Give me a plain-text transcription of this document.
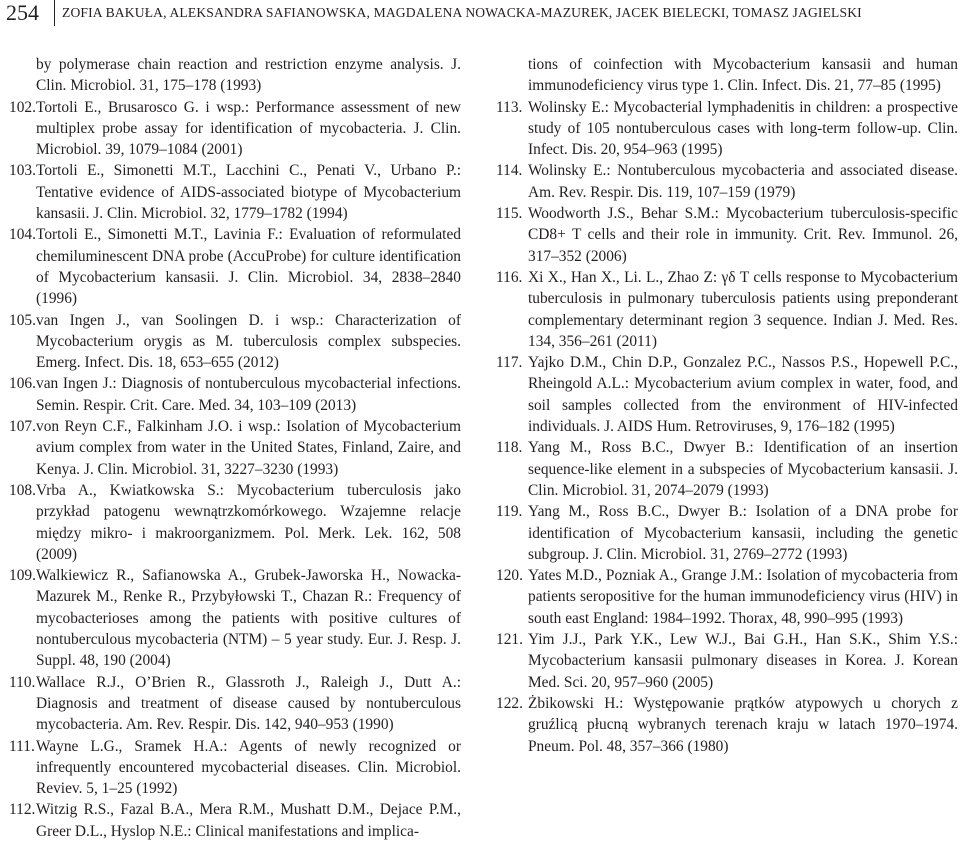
254 ZOFIA BAKUŁA, ALEKSANDRA SAFIANOWSKA, MAGDALENA NOWACKA-MAZUREK, JACEK BIELECKI, TOMASZ JAGIELSKI
by polymerase chain reaction and restriction enzyme analysis. J. Clin. Microbiol. 31, 175–178 (1993)
102. Tortoli E., Brusarosco G. i wsp.: Performance assessment of new multiplex probe assay for identification of mycobacteria. J. Clin. Microbiol. 39, 1079–1084 (2001)
103. Tortoli E., Simonetti M.T., Lacchini C., Penati V., Urbano P.: Tentative evidence of AIDS-associated biotype of Mycobacterium kansasii. J. Clin. Microbiol. 32, 1779–1782 (1994)
104. Tortoli E., Simonetti M.T., Lavinia F.: Evaluation of reformulated chemiluminescent DNA probe (AccuProbe) for culture identification of Mycobacterium kansasii. J. Clin. Microbiol. 34, 2838–2840 (1996)
105. van Ingen J., van Soolingen D. i wsp.: Characterization of Mycobacterium orygis as M. tuberculosis complex subspecies. Emerg. Infect. Dis. 18, 653–655 (2012)
106. van Ingen J.: Diagnosis of nontuberculous mycobacterial infections. Semin. Respir. Crit. Care. Med. 34, 103–109 (2013)
107. von Reyn C.F., Falkinham J.O. i wsp.: Isolation of Mycobacterium avium complex from water in the United States, Finland, Zaire, and Kenya. J. Clin. Microbiol. 31, 3227–3230 (1993)
108. Vrba A., Kwiatkowska S.: Mycobacterium tuberculosis jako przykład patogenu wewnątrzkomórkowego. Wzajemne relacje między mikro- i makroorganizmem. Pol. Merk. Lek. 162, 508 (2009)
109. Walkiewicz R., Safianowska A., Grubek-Jaworska H., Nowacka-Mazurek M., Renke R., Przybyłowski T., Chazan R.: Frequency of mycobacterioses among the patients with positive cultures of nontuberculous mycobacteria (NTM) – 5 year study. Eur. J. Resp. J. Suppl. 48, 190 (2004)
110. Wallace R.J., O’Brien R., Glassroth J., Raleigh J., Dutt A.: Diagnosis and treatment of disease caused by nontuberculous mycobacteria. Am. Rev. Respir. Dis. 142, 940–953 (1990)
111. Wayne L.G., Sramek H.A.: Agents of newly recognized or infrequently encountered mycobacterial diseases. Clin. Microbiol. Reviev. 5, 1–25 (1992)
112. Witzig R.S., Fazal B.A., Mera R.M., Mushatt D.M., Dejace P.M., Greer D.L., Hyslop N.E.: Clinical manifestations and implica-
tions of coinfection with Mycobacterium kansasii and human immunodeficiency virus type 1. Clin. Infect. Dis. 21, 77–85 (1995)
113. Wolinsky E.: Mycobacterial lymphadenitis in children: a prospective study of 105 nontuberculous cases with long-term follow-up. Clin. Infect. Dis. 20, 954–963 (1995)
114. Wolinsky E.: Nontuberculous mycobacteria and associated disease. Am. Rev. Respir. Dis. 119, 107–159 (1979)
115. Woodworth J.S., Behar S.M.: Mycobacterium tuberculosis-specific CD8+ T cells and their role in immunity. Crit. Rev. Immunol. 26, 317–352 (2006)
116. Xi X., Han X., Li. L., Zhao Z: γδ T cells response to Mycobacterium tuberculosis in pulmonary tuberculosis patients using preponderant complementary determinant region 3 sequence. Indian J. Med. Res. 134, 356–261 (2011)
117. Yajko D.M., Chin D.P., Gonzalez P.C., Nassos P.S., Hopewell P.C., Rheingold A.L.: Mycobacterium avium complex in water, food, and soil samples collected from the environment of HIV-infected individuals. J. AIDS Hum. Retroviruses, 9, 176–182 (1995)
118. Yang M., Ross B.C., Dwyer B.: Identification of an insertion sequence-like element in a subspecies of Mycobacterium kansasii. J. Clin. Microbiol. 31, 2074–2079 (1993)
119. Yang M., Ross B.C., Dwyer B.: Isolation of a DNA probe for identification of Mycobacterium kansasii, including the genetic subgroup. J. Clin. Microbiol. 31, 2769–2772 (1993)
120. Yates M.D., Pozniak A., Grange J.M.: Isolation of mycobacteria from patients seropositive for the human immunodeficiency virus (HIV) in south east England: 1984–1992. Thorax, 48, 990–995 (1993)
121. Yim J.J., Park Y.K., Lew W.J., Bai G.H., Han S.K., Shim Y.S.: Mycobacterium kansasii pulmonary diseases in Korea. J. Korean Med. Sci. 20, 957–960 (2005)
122. Żbikowski H.: Występowanie prątków atypowych u chorych z gruźlicą płucną wybranych terenach kraju w latach 1970–1974. Pneum. Pol. 48, 357–366 (1980)
